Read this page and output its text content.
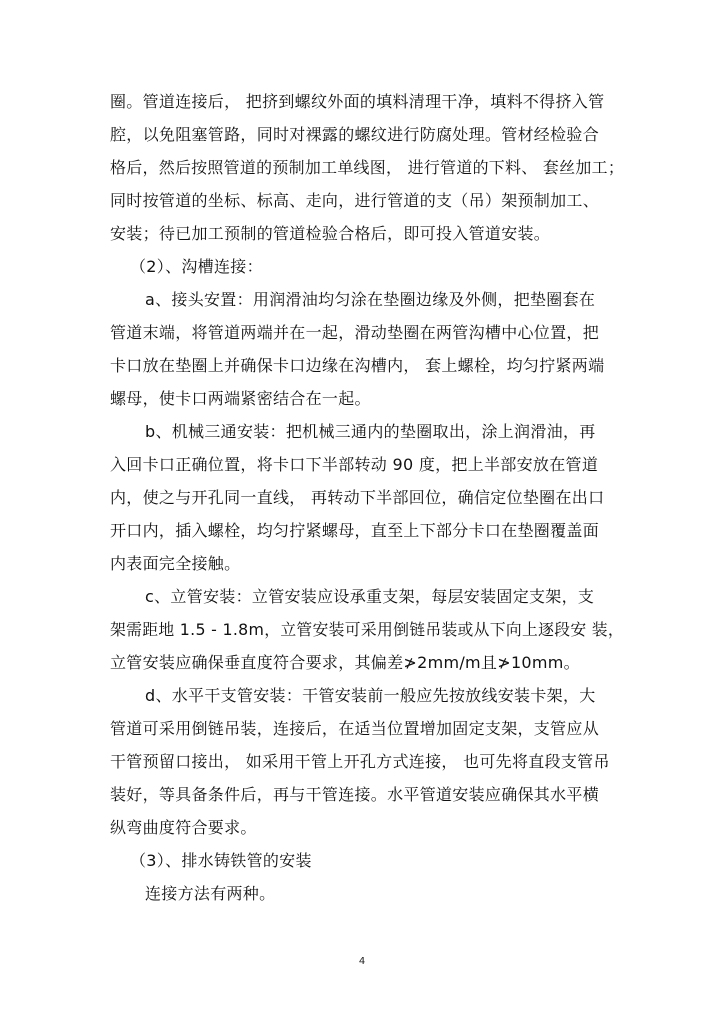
圈。管道连接后， 把挤到螺纹外面的填料清理干净，填料不得挤入管
腔，以免阻塞管路，同时对裸露的螺纹进行防腐处理。管材经检验合
格后，然后按照管道的预制加工单线图， 进行管道的下料、 套丝加工；
同时按管道的坐标、标高、走向，进行管道的支（吊）架预制加工、
安装；待已加工预制的管道检验合格后，即可投入管道安装。
（2）、沟槽连接：
a、接头安置：用润滑油均匀涂在垫圈边缘及外侧，把垫圈套在
管道末端，将管道两端并在一起，滑动垫圈在两管沟槽中心位置，把
卡口放在垫圈上并确保卡口边缘在沟槽内， 套上螺栓，均匀拧紧两端
螺母，使卡口两端紧密结合在一起。
b、机械三通安装：把机械三通内的垫圈取出，涂上润滑油，再
入回卡口正确位置，将卡口下半部转动 90 度，把上半部安放在管道
内，使之与开孔同一直线， 再转动下半部回位，确信定位垫圈在出口
开口内，插入螺栓，均匀拧紧螺母，直至上下部分卡口在垫圈覆盖面
内表面完全接触。
c、立管安装：立管安装应设承重支架，每层安装固定支架，支
架需距地 1.5 - 1.8m，立管安装可采用倒链吊装或从下向上逐段安 装，
立管安装应确保垂直度符合要求，其偏差≯2mm/m且≯10mm。
d、水平干支管安装：干管安装前一般应先按放线安装卡架，大
管道可采用倒链吊装，连接后，在适当位置增加固定支架，支管应从
干管预留口接出， 如采用干管上开孔方式连接， 也可先将直段支管吊
装好，等具备条件后，再与干管连接。水平管道安装应确保其水平横
纵弯曲度符合要求。
（3）、排水铸铁管的安装
连接方法有两种。
4
